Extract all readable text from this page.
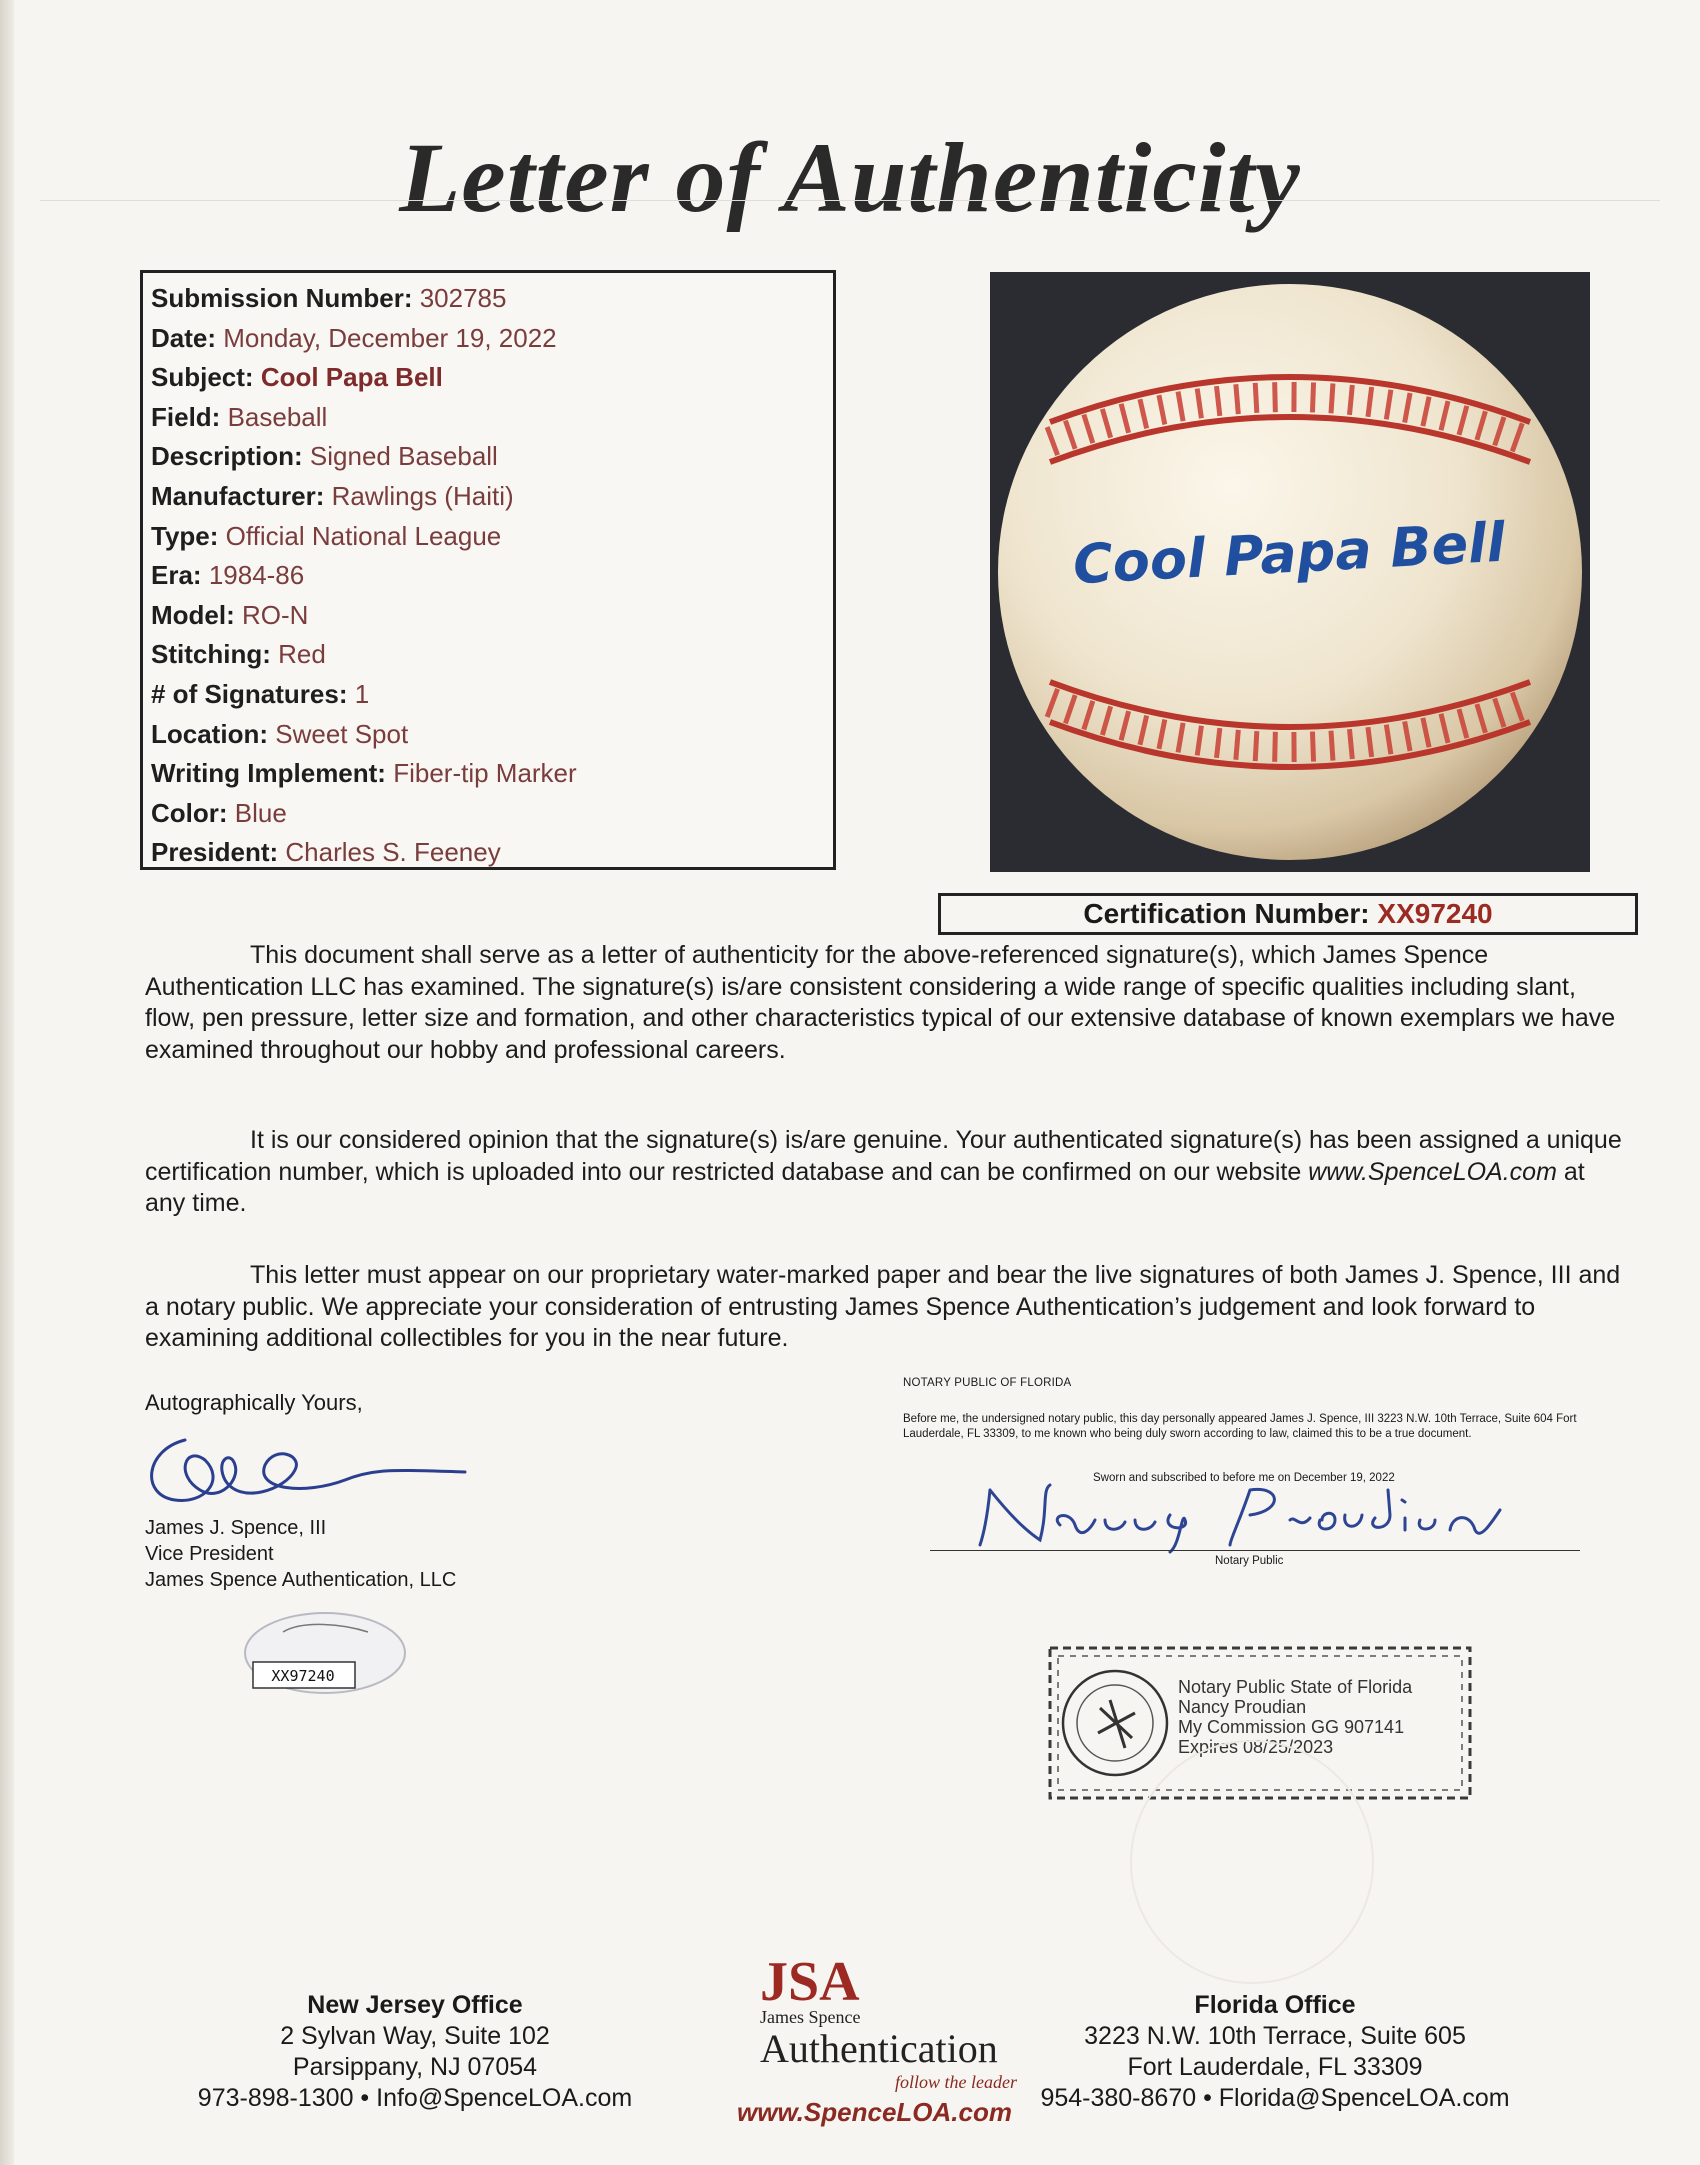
Letter of Authenticity
Submission Number: 302785
Date: Monday, December 19, 2022
Subject: Cool Papa Bell
Field: Baseball
Description: Signed Baseball
Manufacturer: Rawlings (Haiti)
Type: Official National League
Era: 1984-86
Model: RO-N
Stitching: Red
# of Signatures: 1
Location: Sweet Spot
Writing Implement: Fiber-tip Marker
Color: Blue
President: Charles S. Feeney
Cool Papa Bell
Certification Number: XX97240
This document shall serve as a letter of authenticity for the above-referenced signature(s), which James Spence Authentication LLC has examined. The signature(s) is/are consistent considering a wide range of specific qualities including slant, flow, pen pressure, letter size and formation, and other characteristics typical of our extensive database of known exemplars we have examined throughout our hobby and professional careers.
It is our considered opinion that the signature(s) is/are genuine. Your authenticated signature(s) has been assigned a unique certification number, which is uploaded into our restricted database and can be confirmed on our website www.SpenceLOA.com at any time.
This letter must appear on our proprietary water-marked paper and bear the live signatures of both James J. Spence, III and a notary public. We appreciate your consideration of entrusting James Spence Authentication’s judgement and look forward to examining additional collectibles for you in the near future.
Autographically Yours,
James J. Spence, III
Vice President
James Spence Authentication, LLC
XX97240
NOTARY PUBLIC OF FLORIDA
Before me, the undersigned notary public, this day personally appeared James J. Spence, III 3223 N.W. 10th Terrace, Suite 604 Fort Lauderdale, FL 33309, to me known who being duly sworn according to law, claimed this to be a true document.
Sworn and subscribed to before me on December 19, 2022
Notary Public
Notary Public State of Florida
Nancy Proudian
My Commission GG 907141
Expires 08/25/2023
New Jersey Office
2 Sylvan Way, Suite 102
Parsippany, NJ 07054
973-898-1300 • Info@SpenceLOA.com
JSA
James Spence
Authentication
follow the leader
www.SpenceLOA.com
Florida Office
3223 N.W. 10th Terrace, Suite 605
Fort Lauderdale, FL 33309
954-380-8670 • Florida@SpenceLOA.com
